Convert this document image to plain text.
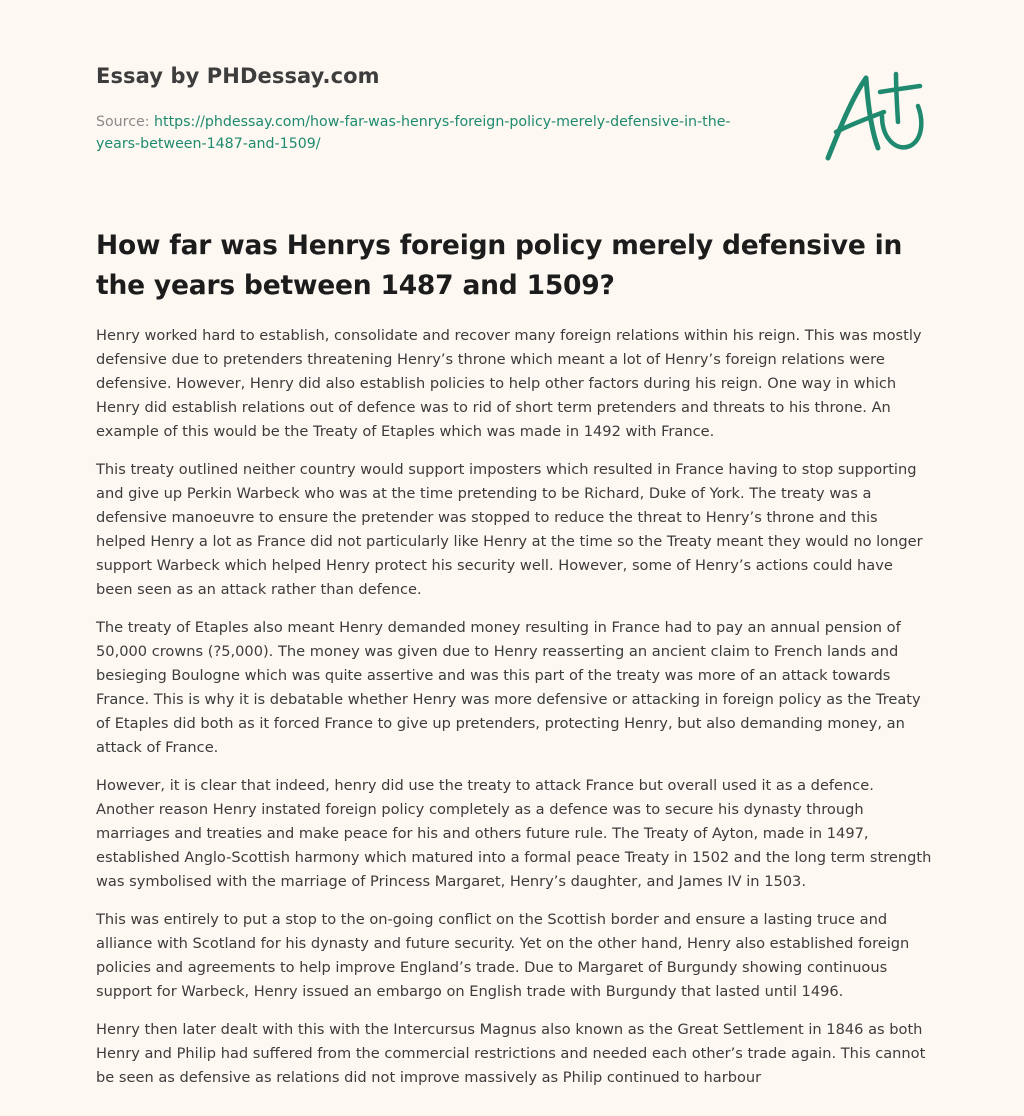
Essay by PHDessay.com
Source: https://phdessay.com/how-far-was-henrys-foreign-policy-merely-defensive-in-the-years-between-1487-and-1509/
How far was Henrys foreign policy merely defensive in the years between 1487 and 1509?

Henry worked hard to establish, consolidate and recover many foreign relations within his reign. This was mostly defensive due to pretenders threatening Henry’s throne which meant a lot of Henry’s foreign relations were defensive. However, Henry did also establish policies to help other factors during his reign. One way in which Henry did establish relations out of defence was to rid of short term pretenders and threats to his throne. An example of this would be the Treaty of Etaples which was made in 1492 with France.

This treaty outlined neither country would support imposters which resulted in France having to stop supporting and give up Perkin Warbeck who was at the time pretending to be Richard, Duke of York. The treaty was a defensive manoeuvre to ensure the pretender was stopped to reduce the threat to Henry’s throne and this helped Henry a lot as France did not particularly like Henry at the time so the Treaty meant they would no longer support Warbeck which helped Henry protect his security well. However, some of Henry’s actions could have been seen as an attack rather than defence.

The treaty of Etaples also meant Henry demanded money resulting in France had to pay an annual pension of 50,000 crowns (?5,000). The money was given due to Henry reasserting an ancient claim to French lands and besieging Boulogne which was quite assertive and was this part of the treaty was more of an attack towards France. This is why it is debatable whether Henry was more defensive or attacking in foreign policy as the Treaty of Etaples did both as it forced France to give up pretenders, protecting Henry, but also demanding money, an attack of France.

However, it is clear that indeed, henry did use the treaty to attack France but overall used it as a defence. Another reason Henry instated foreign policy completely as a defence was to secure his dynasty through marriages and treaties and make peace for his and others future rule. The Treaty of Ayton, made in 1497, established Anglo-Scottish harmony which matured into a formal peace Treaty in 1502 and the long term strength was symbolised with the marriage of Princess Margaret, Henry’s daughter, and James IV in 1503.

This was entirely to put a stop to the on-going conflict on the Scottish border and ensure a lasting truce and alliance with Scotland for his dynasty and future security. Yet on the other hand, Henry also established foreign policies and agreements to help improve England’s trade. Due to Margaret of Burgundy showing continuous support for Warbeck, Henry issued an embargo on English trade with Burgundy that lasted until 1496.

Henry then later dealt with this with the Intercursus Magnus also known as the Great Settlement in 1846 as both Henry and Philip had suffered from the commercial restrictions and needed each other’s trade again. This cannot be seen as defensive as relations did not improve massively as Philip continued to harbour
